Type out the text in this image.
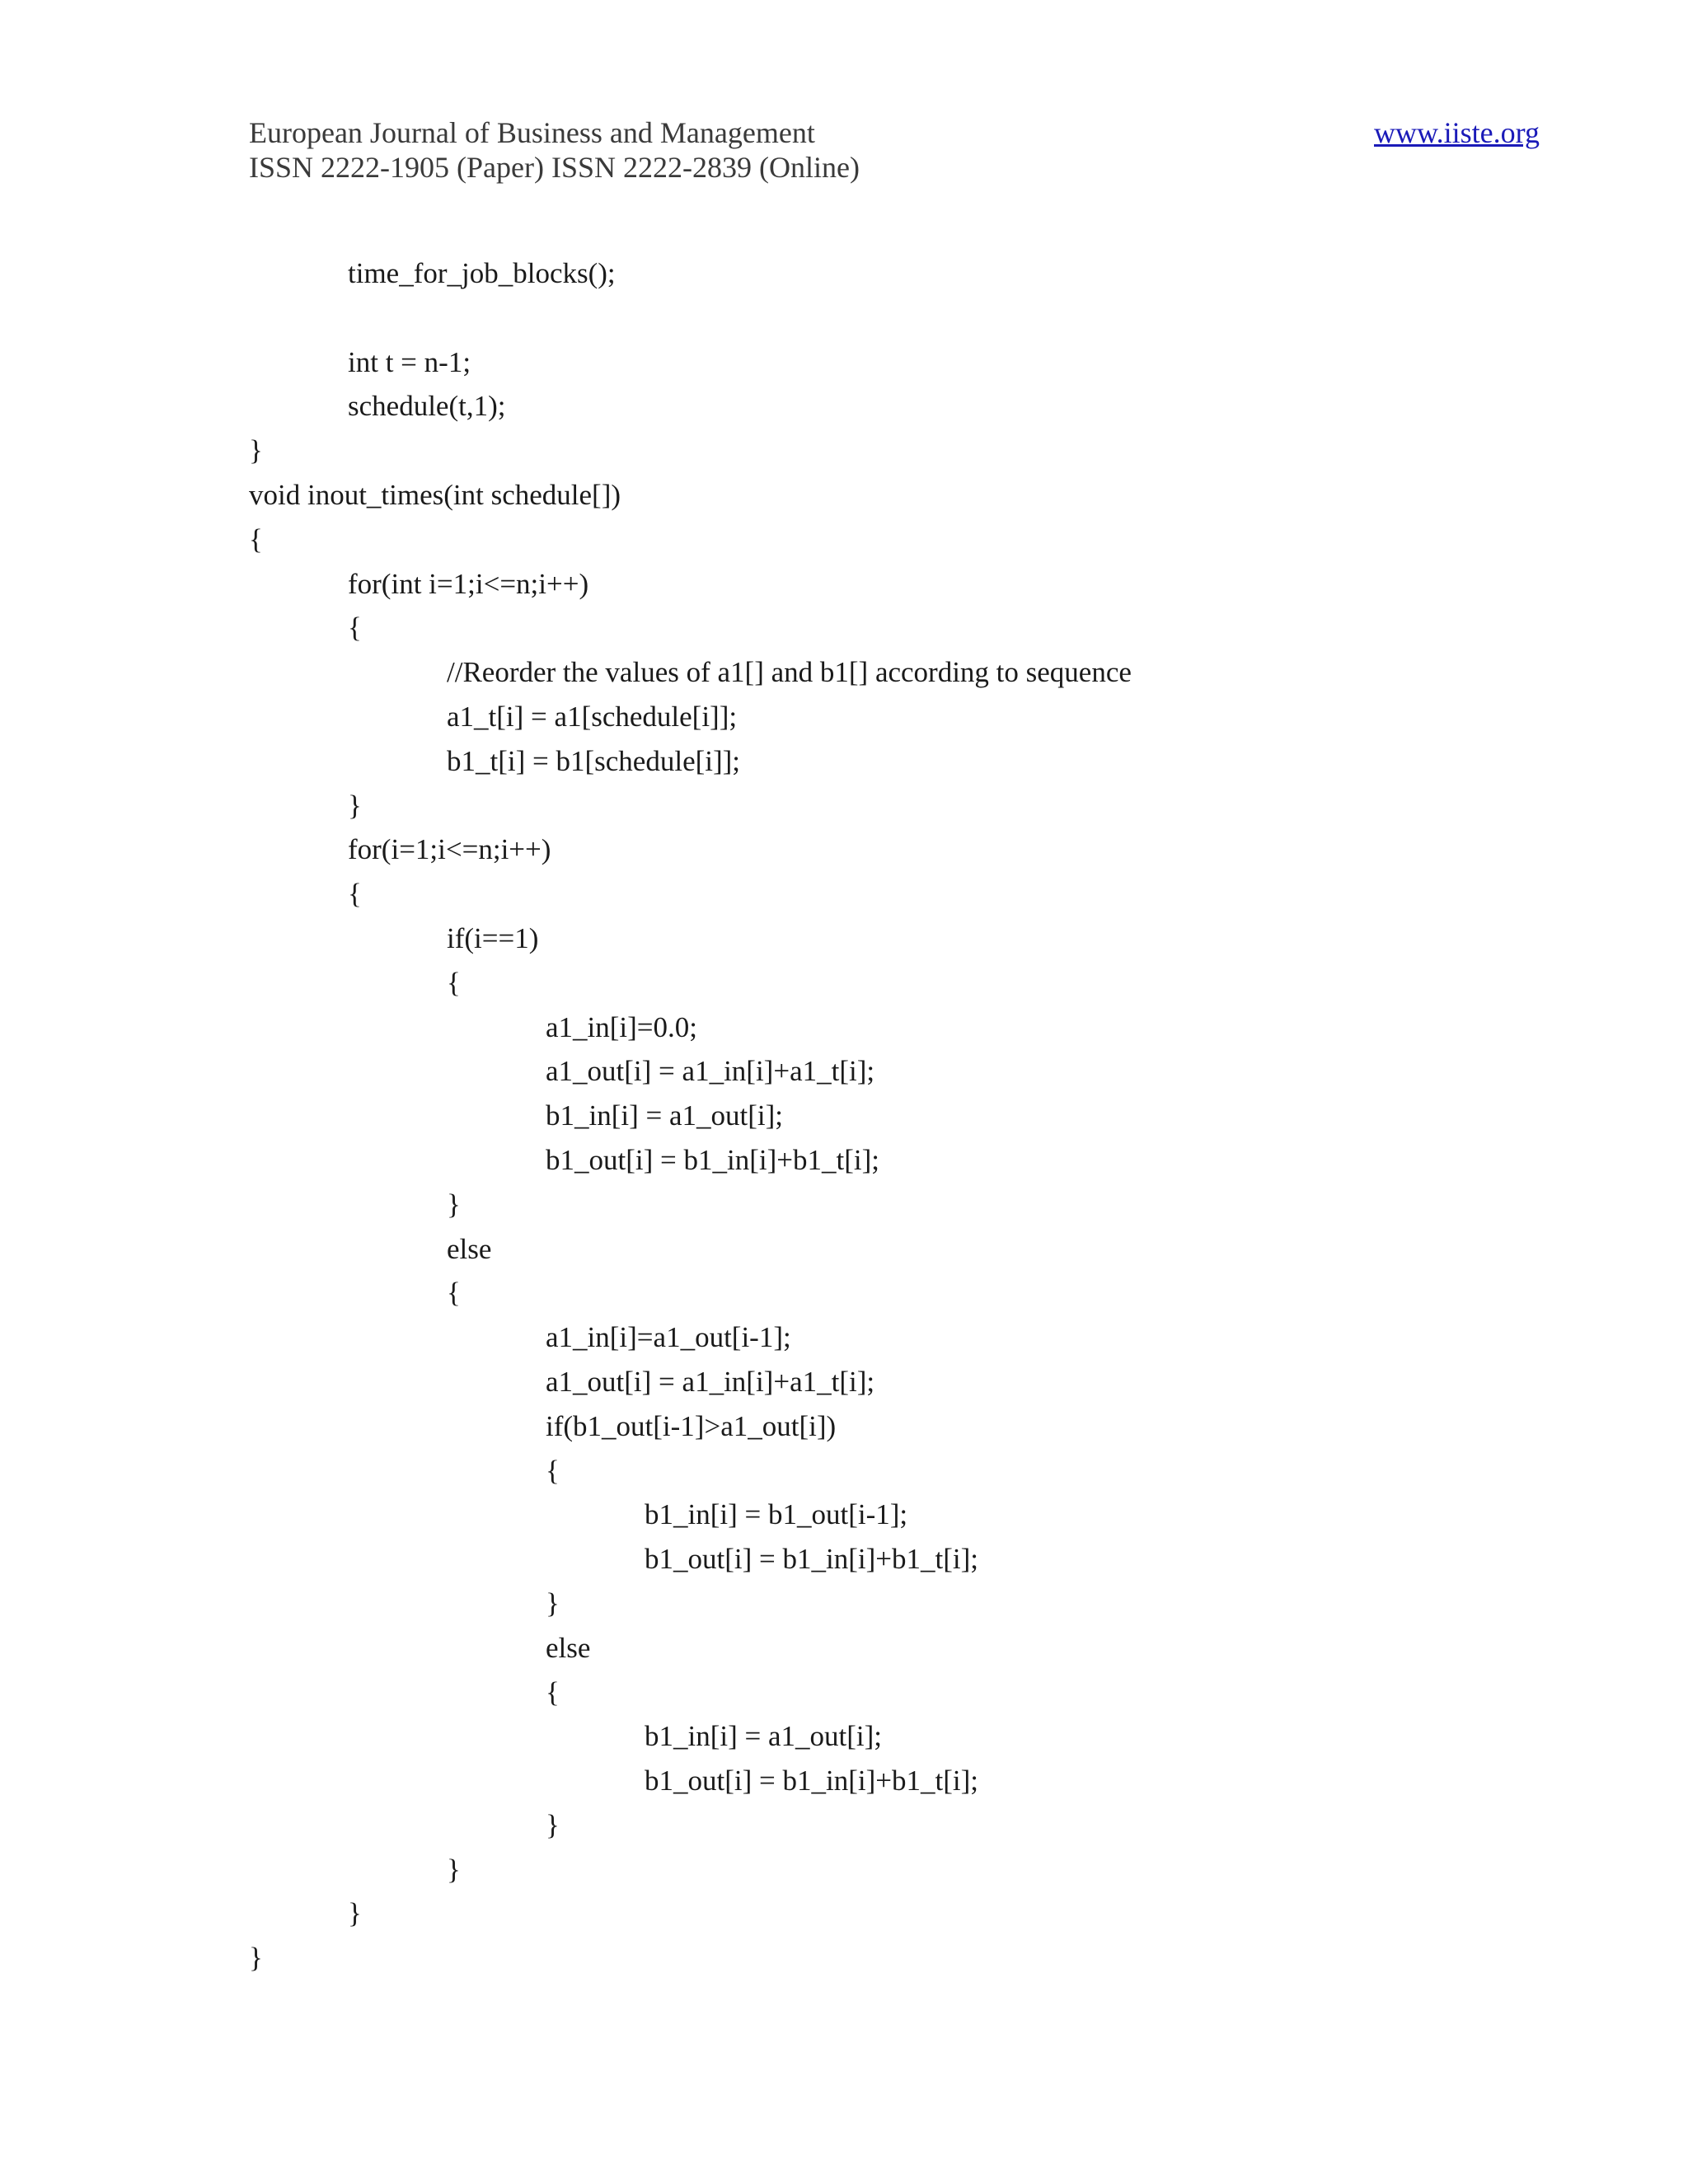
European Journal of Business and Management	www.iiste.org
ISSN 2222-1905 (Paper) ISSN 2222-2839 (Online)
time_for_job_blocks();
int t = n-1;
schedule(t,1);
}
void inout_times(int schedule[])
{
for(int i=1;i<=n;i++)
{
//Reorder the values of a1[] and b1[] according to sequence
a1_t[i] = a1[schedule[i]];
b1_t[i] = b1[schedule[i]];
}
for(i=1;i<=n;i++)
{
if(i==1)
{
a1_in[i]=0.0;
a1_out[i] = a1_in[i]+a1_t[i];
b1_in[i] = a1_out[i];
b1_out[i] = b1_in[i]+b1_t[i];
}
else
{
a1_in[i]=a1_out[i-1];
a1_out[i] = a1_in[i]+a1_t[i];
if(b1_out[i-1]>a1_out[i])
{
b1_in[i] = b1_out[i-1];
b1_out[i] = b1_in[i]+b1_t[i];
}
else
{
b1_in[i] = a1_out[i];
b1_out[i] = b1_in[i]+b1_t[i];
}
}
}
}
